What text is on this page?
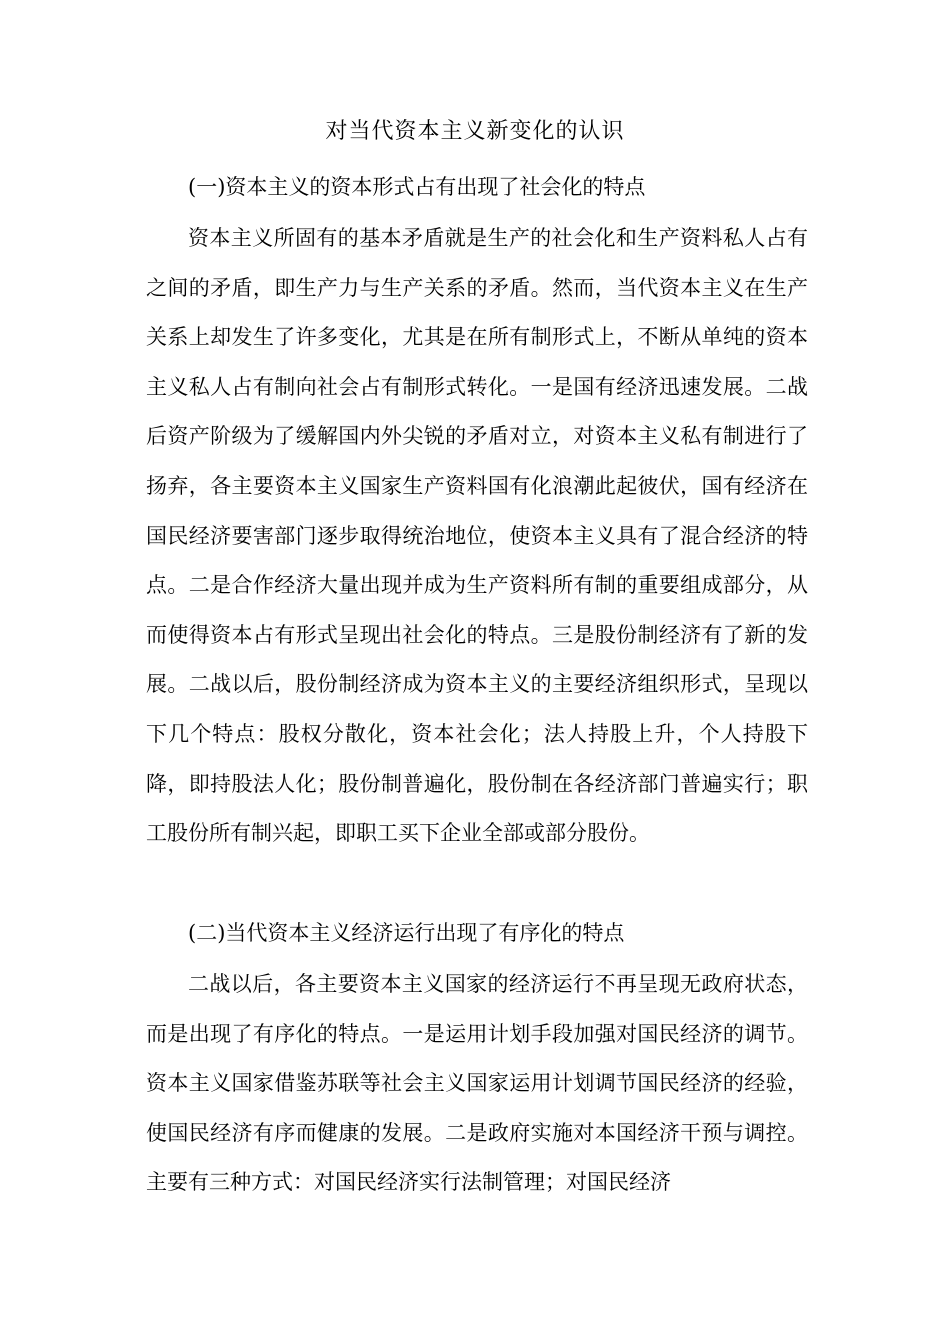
对当代资本主义新变化的认识
(一)资本主义的资本形式占有出现了社会化的特点

资本主义所固有的基本矛盾就是生产的社会化和生产资料私人占有之间的矛盾，即生产力与生产关系的矛盾。然而，当代资本主义在生产关系上却发生了许多变化，尤其是在所有制形式上，不断从单纯的资本主义私人占有制向社会占有制形式转化。一是国有经济迅速发展。二战后资产阶级为了缓解国内外尖锐的矛盾对立，对资本主义私有制进行了扬弃，各主要资本主义国家生产资料国有化浪潮此起彼伏，国有经济在国民经济要害部门逐步取得统治地位，使资本主义具有了混合经济的特点。二是合作经济大量出现并成为生产资料所有制的重要组成部分，从而使得资本占有形式呈现出社会化的特点。三是股份制经济有了新的发展。二战以后，股份制经济成为资本主义的主要经济组织形式，呈现以下几个特点：股权分散化，资本社会化；法人持股上升，个人持股下降，即持股法人化；股份制普遍化，股份制在各经济部门普遍实行；职工股份所有制兴起，即职工买下企业全部或部分股份。

(二)当代资本主义经济运行出现了有序化的特点

二战以后，各主要资本主义国家的经济运行不再呈现无政府状态，而是出现了有序化的特点。一是运用计划手段加强对国民经济的调节。资本主义国家借鉴苏联等社会主义国家运用计划调节国民经济的经验，使国民经济有序而健康的发展。二是政府实施对本国经济干预与调控。主要有三种方式：对国民经济实行法制管理；对国民经济
